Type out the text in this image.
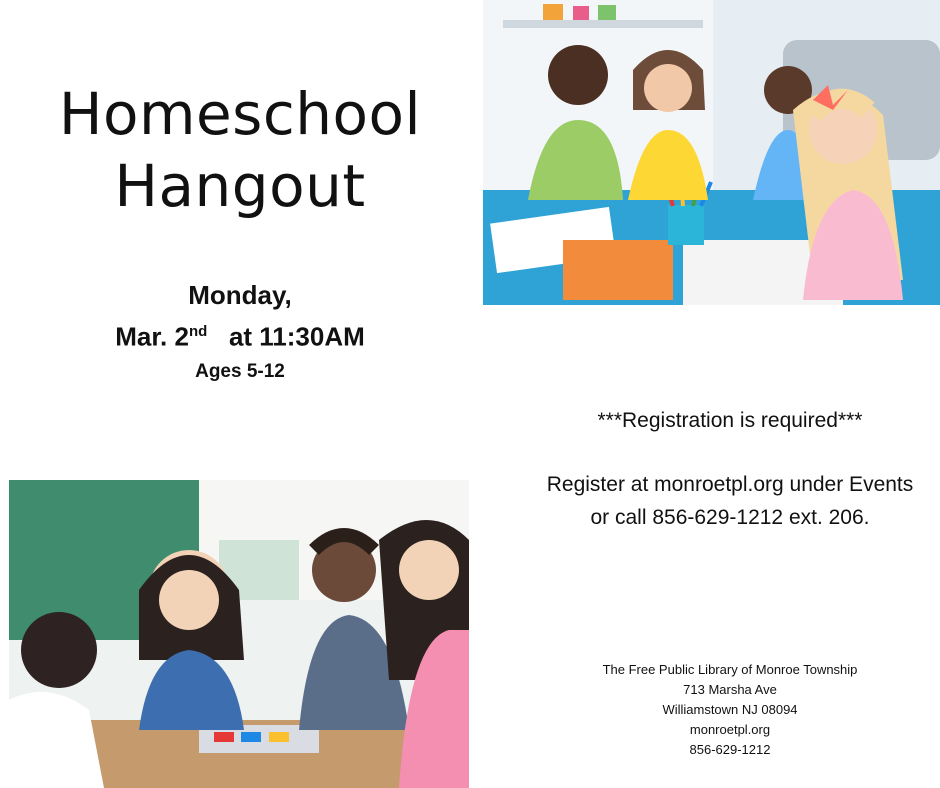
Homeschool
Hangout
Monday,
Mar. 2nd at 11:30AM
Ages 5-12
***Registration is required***
Register at monroetpl.org under Events or call 856-629-1212 ext. 206.
The Free Public Library of Monroe Township
713 Marsha Ave
Williamstown NJ 08094
monroetpl.org
856-629-1212
